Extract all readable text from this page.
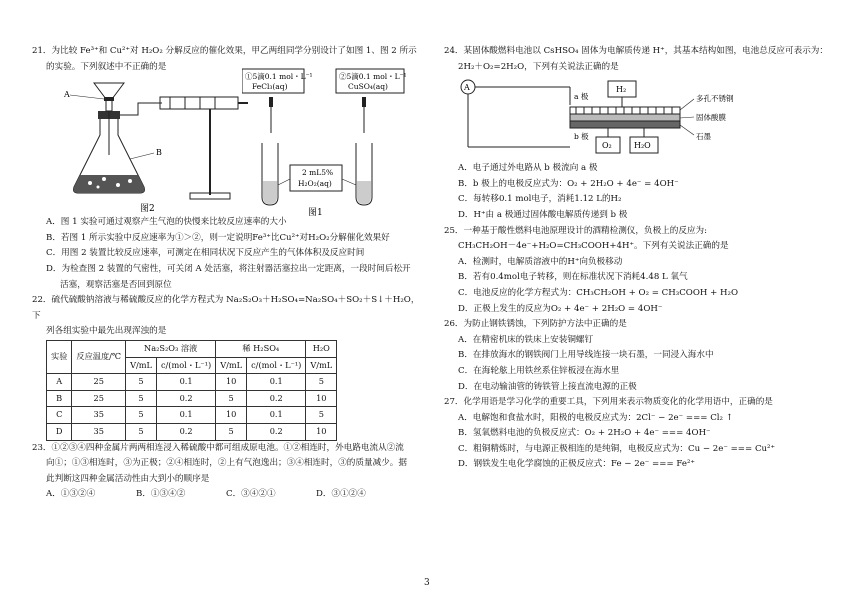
21．为比较 Fe³⁺和 Cu²⁺对 H₂O₂ 分解反应的催化效果，甲乙两组同学分别设计了如图 1、图 2 所示

的实验。下列叙述中不正确的是

A
B
图2
①5滴0.1 mol・L⁻¹
FeCl₃(aq)
②5滴0.1 mol・L⁻¹
CuSO₄(aq)
2 mL5%
H₂O₂(aq)
图1

A．图 1 实验可通过观察产生气泡的快慢来比较反应速率的大小

B．若图 1 所示实验中反应速率为①＞②，则一定说明Fe³⁺比Cu²⁺对H₂O₂分解催化效果好

C．用图 2 装置比较反应速率，可测定在相同状况下反应产生的气体体积及反应时间

D．为检查图 2 装置的气密性，可关闭 A 处活塞，将注射器活塞拉出一定距离，一段时间后松开

活塞，观察活塞是否回到原位

22．硫代硫酸钠溶液与稀硫酸反应的化学方程式为 Na₂S₂O₃＋H₂SO₄=Na₂SO₄＋SO₂＋S↓＋H₂O，下

列各组实验中最先出现浑浊的是

实验	反应温度/℃	Na₂S₂O₃ 溶液		稀 H₂SO₄		H₂O
		V/mL	c/(mol・L⁻¹)	V/mL	c/(mol・L⁻¹)	V/mL
A	25	5	0.1	10	0.1	5
B	25	5	0.2	5	0.2	10
C	35	5	0.1	10	0.1	5
D	35	5	0.2	5	0.2	10

23．①②③④四种金属片两两相连浸入稀硫酸中都可组成原电池。①②相连时，外电路电流从②流

向①；①③相连时，③为正极；②④相连时，②上有气泡逸出；③④相连时，③的质量减少。据

此判断这四种金属活动性由大到小的顺序是

A．①③②④	B．①③④②	C．③④②①	D．③①②④

24．某固体酸燃料电池以 CsHSO₄ 固体为电解质传递 H⁺，其基本结构如图，电池总反应可表示为：

2H₂＋O₂=2H₂O，下列有关说法正确的是

A
a 极
b 极
H₂
多孔不锈钢
固体酸膜
石墨
O₂	H₂O

A．电子通过外电路从 b 极流向 a 极

B．b 极上的电极反应式为：O₂ + 2H₂O + 4e⁻ = 4OH⁻

C．每转移0.1 mol电子，消耗1.12 L的H₂

D．H⁺由 a 极通过固体酸电解质传递到 b 极

25．一种基于酸性燃料电池原理设计的酒精检测仪，负极上的反应为:

CH₃CH₂OH－4e⁻+H₂O=CH₃COOH+4H⁺。下列有关说法正确的是

A．检测时，电解质溶液中的H⁺向负极移动

B．若有0.4mol电子转移，则在标准状况下消耗4.48 L 氧气

C．电池反应的化学方程式为：CH₃CH₂OH + O₂ = CH₃COOH + H₂O

D．正极上发生的反应为O₂ + 4e⁻ + 2H₂O = 4OH⁻

26．为防止钢铁锈蚀，下列防护方法中正确的是

A．在精密机床的铁床上安装铜螺钉

B．在排放海水的钢铁阀门上用导线连接一块石墨，一同浸入海水中

C．在海轮舷上用铁丝系住锌板浸在海水里

D．在电动输油管的铸铁管上接直流电源的正极

27．化学用语是学习化学的重要工具，下列用来表示物质变化的化学用语中，正确的是

A．电解饱和食盐水时，阳极的电极反应式为：2Cl⁻ − 2e⁻ === Cl₂ ↑

B．氢氧燃料电池的负极反应式：O₂ + 2H₂O + 4e⁻ === 4OH⁻

C．粗铜精炼时，与电源正极相连的是纯铜，电极反应式为：Cu − 2e⁻ === Cu²⁺

D．钢铁发生电化学腐蚀的正极反应式：Fe − 2e⁻ === Fe²⁺

3
